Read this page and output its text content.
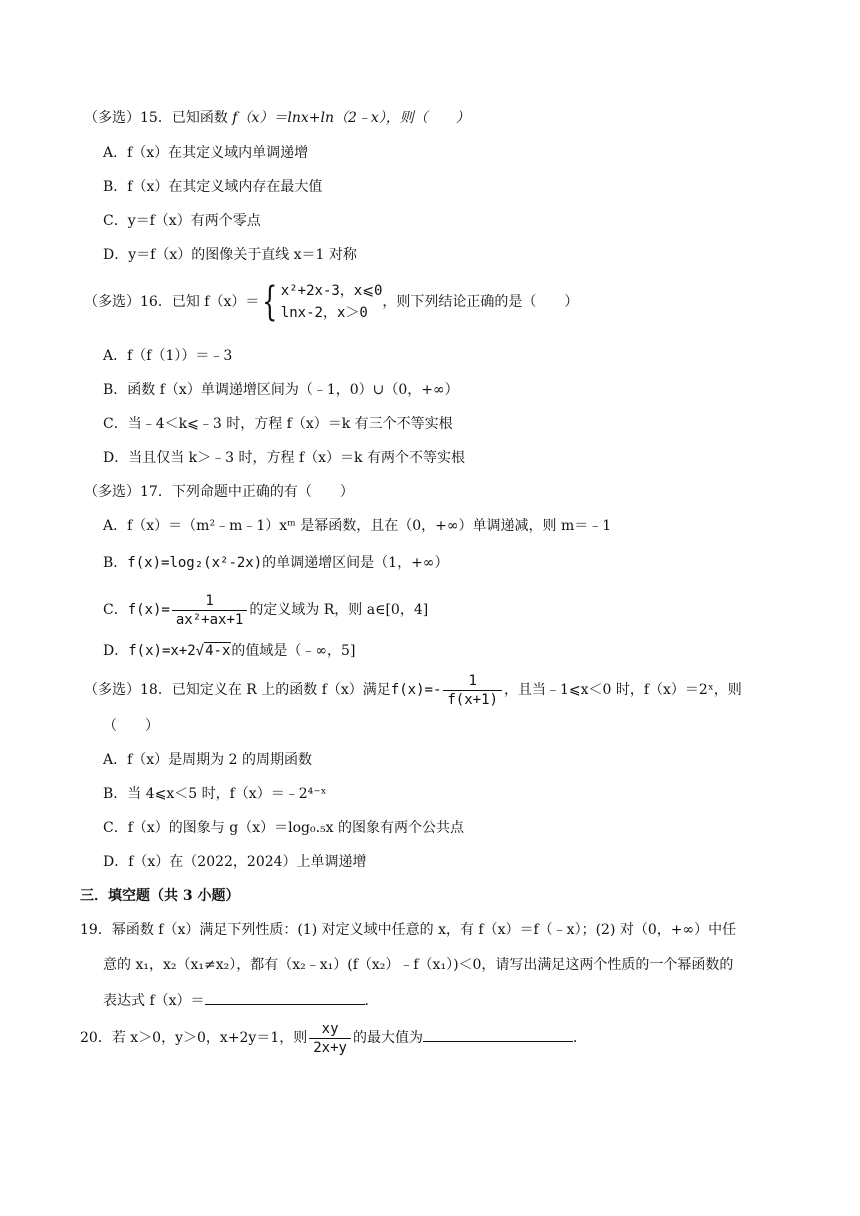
（多选）15．已知函数 f（x）＝lnx+ln（2﹣x），则（　　）
A．f（x）在其定义域内单调递增
B．f（x）在其定义域内存在最大值
C．y＝f（x）有两个零点
D．y＝f（x）的图像关于直线 x＝1 对称
（多选）16．已知 f（x）＝{ x²+2x-3，x⩽0
lnx-2，x＞0
，则下列结论正确的是（　　）
A．f（f（1））＝﹣3
B．函数 f（x）单调递增区间为（﹣1，0）∪（0，+∞）
C．当﹣4＜k⩽﹣3 时，方程 f（x）＝k 有三个不等实根
D．当且仅当 k＞﹣3 时，方程 f（x）＝k 有两个不等实根
（多选）17．下列命题中正确的有（　　）
A．f（x）＝（m²﹣m﹣1）xᵐ 是幂函数，且在（0，+∞）单调递减，则 m＝﹣1
B．f(x)=log₂(x²-2x)的单调递增区间是（1，+∞）
C．$f(x)= \frac{1}{\text{ax²+ax+1}}$ 的定义域为 R，则 a∈[0，4]
D．f(x)=x+2√4-x的值域是（﹣∞，5]
（多选）18．已知定义在 R 上的函数 f（x）满足$f(x)=- \frac{1}{f(x+1)}$ ，且当﹣1⩽x＜0 时，f（x）＝2ˣ，则
（　　）
A．f（x）是周期为 2 的周期函数
B．当 4⩽x＜5 时，f（x）＝﹣2⁴⁻ˣ
C．f（x）的图象与 g（x）＝log₀.₅x 的图象有两个公共点
D．f（x）在（2022，2024）上单调递增
三．填空题（共 3 小题）
19．幂函数 f（x）满足下列性质：(1) 对定义域中任意的 x，有 f（x）＝f（﹣x）；(2) 对（0，+∞）中任
意的 x₁，x₂（x₁≠x₂），都有（x₂﹣x₁）(f（x₂）﹣f（x₁）)＜0，请写出满足这两个性质的一个幂函数的
表达式 f（x）＝	．
20．若 x＞0，y＞0，x+2y＝1，则 $\frac{xy}{2x+y}$ 的最大值为	．
